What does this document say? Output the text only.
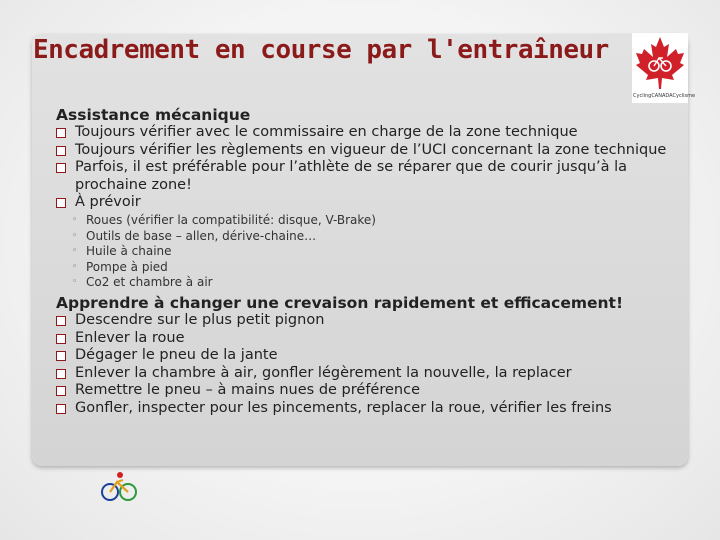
Encadrement en course par l'entraîneur
CyclingCANADACyclisme
Assistance mécanique
Toujours vérifier avec le commissaire en charge de la zone technique
Toujours vérifier les règlements en vigueur de l’UCI concernant la zone technique
Parfois, il est préférable pour l’athlète de se réparer que de courir jusqu’à la prochaine zone!
À prévoir
◦ Roues (vérifier la compatibilité: disque, V-Brake)
◦ Outils de base – allen, dérive-chaine…
◦ Huile à chaine
◦ Pompe à pied
◦ Co2 et chambre à air
Apprendre à changer une crevaison rapidement et efficacement!
Descendre sur le plus petit pignon
Enlever la roue
Dégager le pneu de la jante
Enlever la chambre à air, gonfler légèrement la nouvelle, la replacer
Remettre le pneu – à mains nues de préférence
Gonfler, inspecter pour les pincements, replacer la roue, vérifier les freins
